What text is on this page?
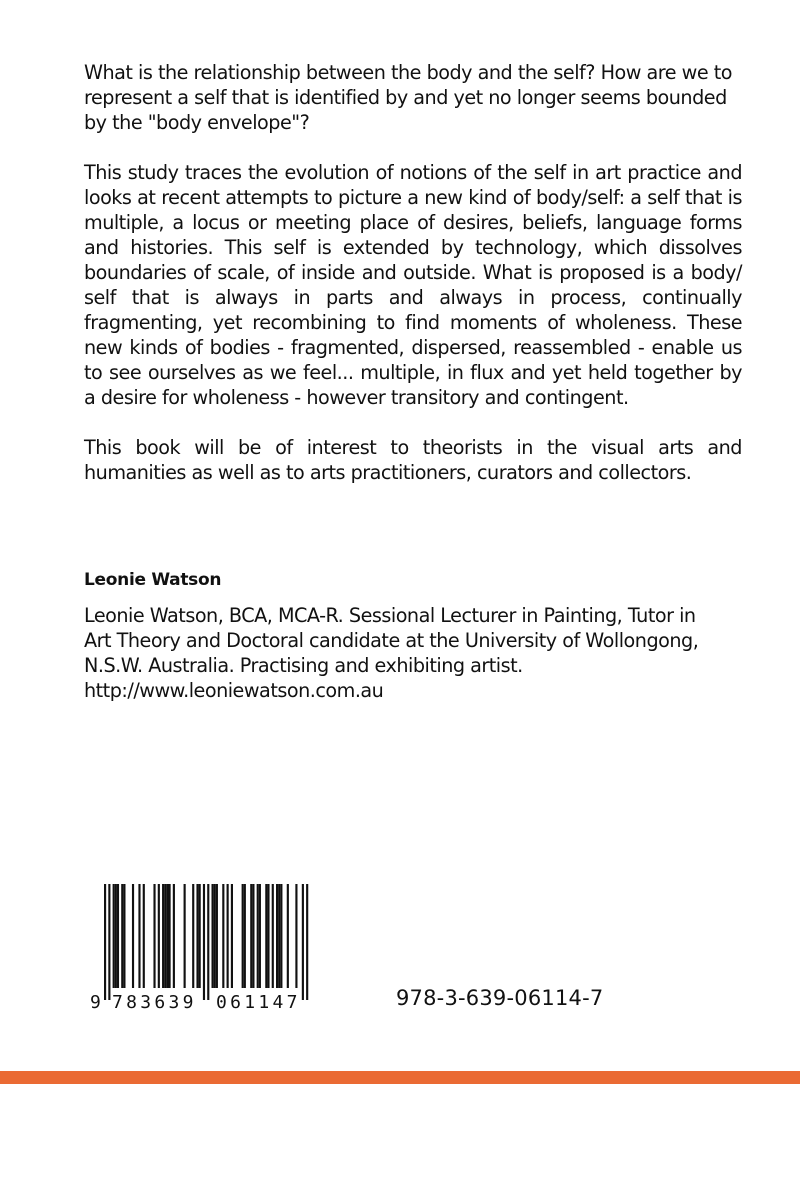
What is the relationship between the body and the self? How are we to represent a self that is identified by and yet no longer seems bounded by the "body envelope"?

This study traces the evolution of notions of the self in art practice and looks at recent attempts to picture a new kind of body/self: a self that is multiple, a locus or meeting place of desires, beliefs, language forms and histories. This self is extended by technology, which dissolves boundaries of scale, of inside and outside. What is proposed is a body/ self that is always in parts and always in process, continually fragmenting, yet recombining to find moments of wholeness. These new kinds of bodies - fragmented, dispersed, reassembled - enable us to see ourselves as we feel... multiple, in flux and yet held together by a desire for wholeness - however transitory and contingent.

This book will be of interest to theorists in the visual arts and humanities as well as to arts practitioners, curators and collectors.

Leonie Watson
Leonie Watson, BCA, MCA-R. Sessional Lecturer in Painting, Tutor in
Art Theory and Doctoral candidate at the University of Wollongong,
N.S.W. Australia. Practising and exhibiting artist.
http://www.leoniewatson.com.au
9 783639 061147	978-3-639-06114-7
